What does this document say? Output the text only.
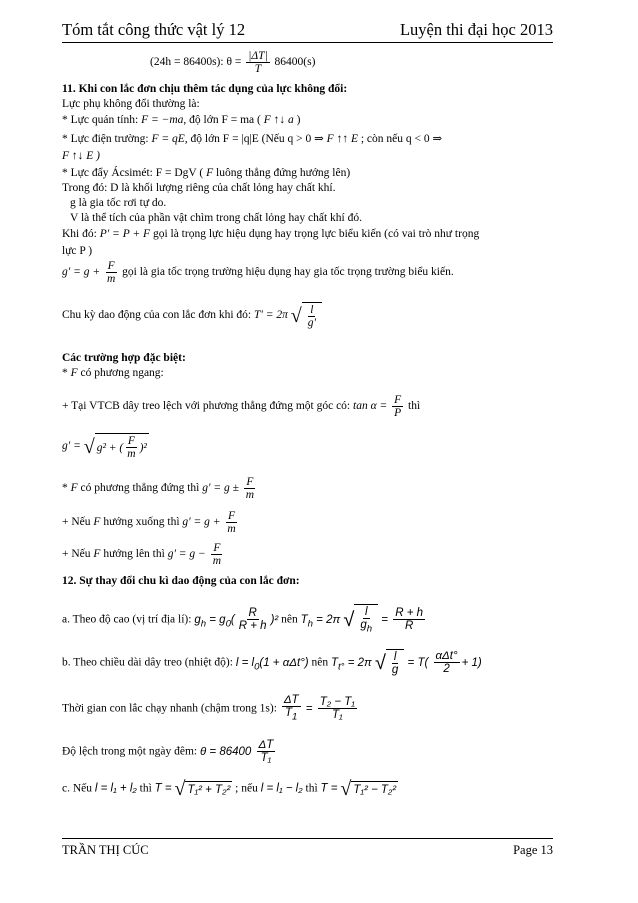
Tóm tắt công thức vật lý 12	Luyện thi đại học 2013
(24h = 86400s): $\theta = \frac{|\Delta T|}{T} 86400(s)$
11. Khi con lắc đơn chịu thêm tác dụng của lực không đổi:
Lực phụ không đổi thường là:
* Lực quán tính: F = −ma, độ lớn F = ma ( F ↑↓ a )
* Lực điện trường: F = qE, độ lớn F = |q|E (Nếu q > 0 ⇒ F ↑↑ E ; còn nếu q < 0 ⇒
F ↑↓ E )
* Lực đẩy Ácsimét: F = DgV ( F luông thẳng đứng hướng lên)
Trong đó: D là khối lượng riêng của chất lỏng hay chất khí.
g là gia tốc rơi tự do.
V là thể tích của phần vật chìm trong chất lỏng hay chất khí đó.
Khi đó: P' = P + F gọi là trọng lực hiệu dụng hay trọng lực biểu kiến (có vai trò như trọng
lực P )
$g' = g + \frac{F}{m}$ gọi là gia tốc trọng trường hiệu dụng hay gia tốc trọng trường biểu kiến.
Chu kỳ dao động của con lắc đơn khi đó: T' = 2π √ $\frac{l}{g'}$
Các trường hợp đặc biệt:
* F có phương ngang:
+ Tại VTCB dây treo lệch với phương thẳng đứng một góc có: $\tan \alpha = \frac{F}{P}$ thì
g' = √ g² + ( $\frac{F}{m} )^2$
* F có phương thẳng đứng thì $g' = g \pm \frac{F}{m}$
+ Nếu F hướng xuống thì $g' = g + \frac{F}{m}$
+ Nếu F hướng lên thì $g' = g - \frac{F}{m}$
12. Sự thay đổi chu kì dao động của con lắc đơn:
a. Theo độ cao (vị trí địa lí): $g_h = g_0( \frac{R}{R + h} )^2$ nên $T_h = 2\pi$ √ $\frac{l}{g_h} = \frac{R + h}{R}$
b. Theo chiều dài dây treo (nhiệt độ): $l = l_0(1 + \alpha\Delta t^\circ)$ nên $T_{t^\circ} = 2\pi$ √ $\frac{l}{g} = T( \frac{\text{αΔt°}}{2} + 1)$
Thời gian con lắc chạy nhanh (chậm trong 1s): $\frac{\Delta T}{T_1} = \frac{\text{T₂ − T₁}}{\text{T₁}}$
Độ lệch trong một ngày đêm: $\theta = 86400 \frac{\Delta T}{\text{T₁}}$
c. Nếu l = l₁ + l₂ thì T = √ T₁² + T₂² ; nếu l = l₁ − l₂ thì T = √ T₁² − T₂²
TRẦN THỊ CÚC	Page 13
